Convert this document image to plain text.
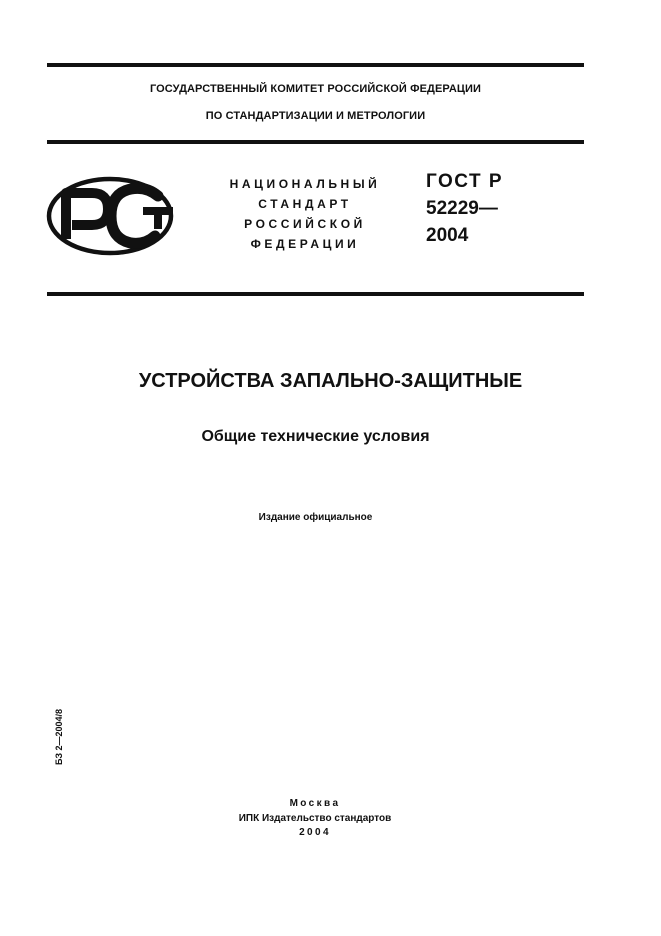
ГОСУДАРСТВЕННЫЙ КОМИТЕТ РОССИЙСКОЙ ФЕДЕРАЦИИ
ПО СТАНДАРТИЗАЦИИ И МЕТРОЛОГИИ
НАЦИОНАЛЬНЫЙ
СТАНДАРТ
РОССИЙСКОЙ
ФЕДЕРАЦИИ
ГОСТ Р
52229—
2004
УСТРОЙСТВА ЗАПАЛЬНО-ЗАЩИТНЫЕ
Общие технические условия
Издание официальное
БЗ 2—2004/8
Москва
ИПК Издательство стандартов
2004
